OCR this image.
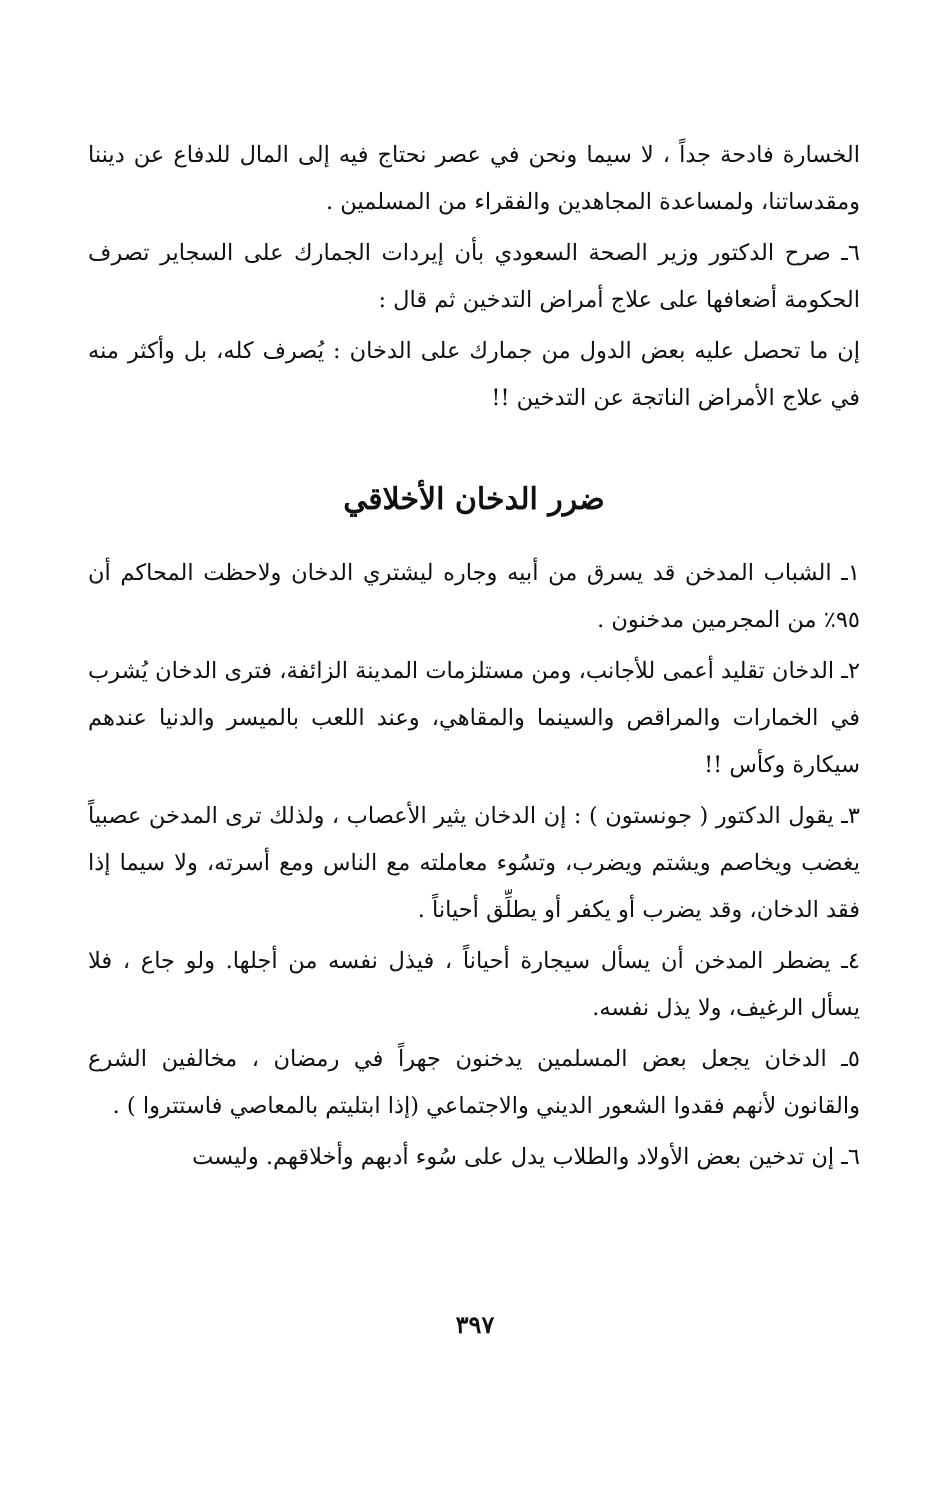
الخسارة فادحة جداً ، لا سيما ونحن في عصر نحتاج فيه إلى المال للدفاع عن ديننا ومقدساتنا، ولمساعدة المجاهدين والفقراء من المسلمين .

٦ـ صرح الدكتور وزير الصحة السعودي بأن إيردات الجمارك على السجاير تصرف الحكومة أضعافها على علاج أمراض التدخين ثم قال :

إن ما تحصل عليه بعض الدول من جمارك على الدخان : يُصرف كله، بل وأكثر منه في علاج الأمراض الناتجة عن التدخين !!

ضرر الدخان الأخلاقي

١ـ الشباب المدخن قد يسرق من أبيه وجاره ليشتري الدخان ولاحظت المحاكم أن ٩٥٪ من المجرمين مدخنون .

٢ـ الدخان تقليد أعمى للأجانب، ومن مستلزمات المدينة الزائفة، فترى الدخان يُشرب في الخمارات والمراقص والسينما والمقاهي، وعند اللعب بالميسر والدنيا عندهم سيكارة وكأس !!

٣ـ يقول الدكتور ( جونستون ) : إن الدخان يثير الأعصاب ، ولذلك ترى المدخن عصبياً يغضب ويخاصم ويشتم ويضرب، وتسُوء معاملته مع الناس ومع أسرته، ولا سيما إذا فقد الدخان، وقد يضرب أو يكفر أو يطلِّق أحياناً .

٤ـ يضطر المدخن أن يسأل سيجارة أحياناً ، فيذل نفسه من أجلها. ولو جاع ، فلا يسأل الرغيف، ولا يذل نفسه.

٥ـ الدخان يجعل بعض المسلمين يدخنون جهراً في رمضان ، مخالفين الشرع والقانون لأنهم فقدوا الشعور الديني والاجتماعي (إذا ابتليتم بالمعاصي فاستتروا ) .

٦ـ إن تدخين بعض الأولاد والطلاب يدل على سُوء أدبهم وأخلاقهم. وليست

٣٩٧
